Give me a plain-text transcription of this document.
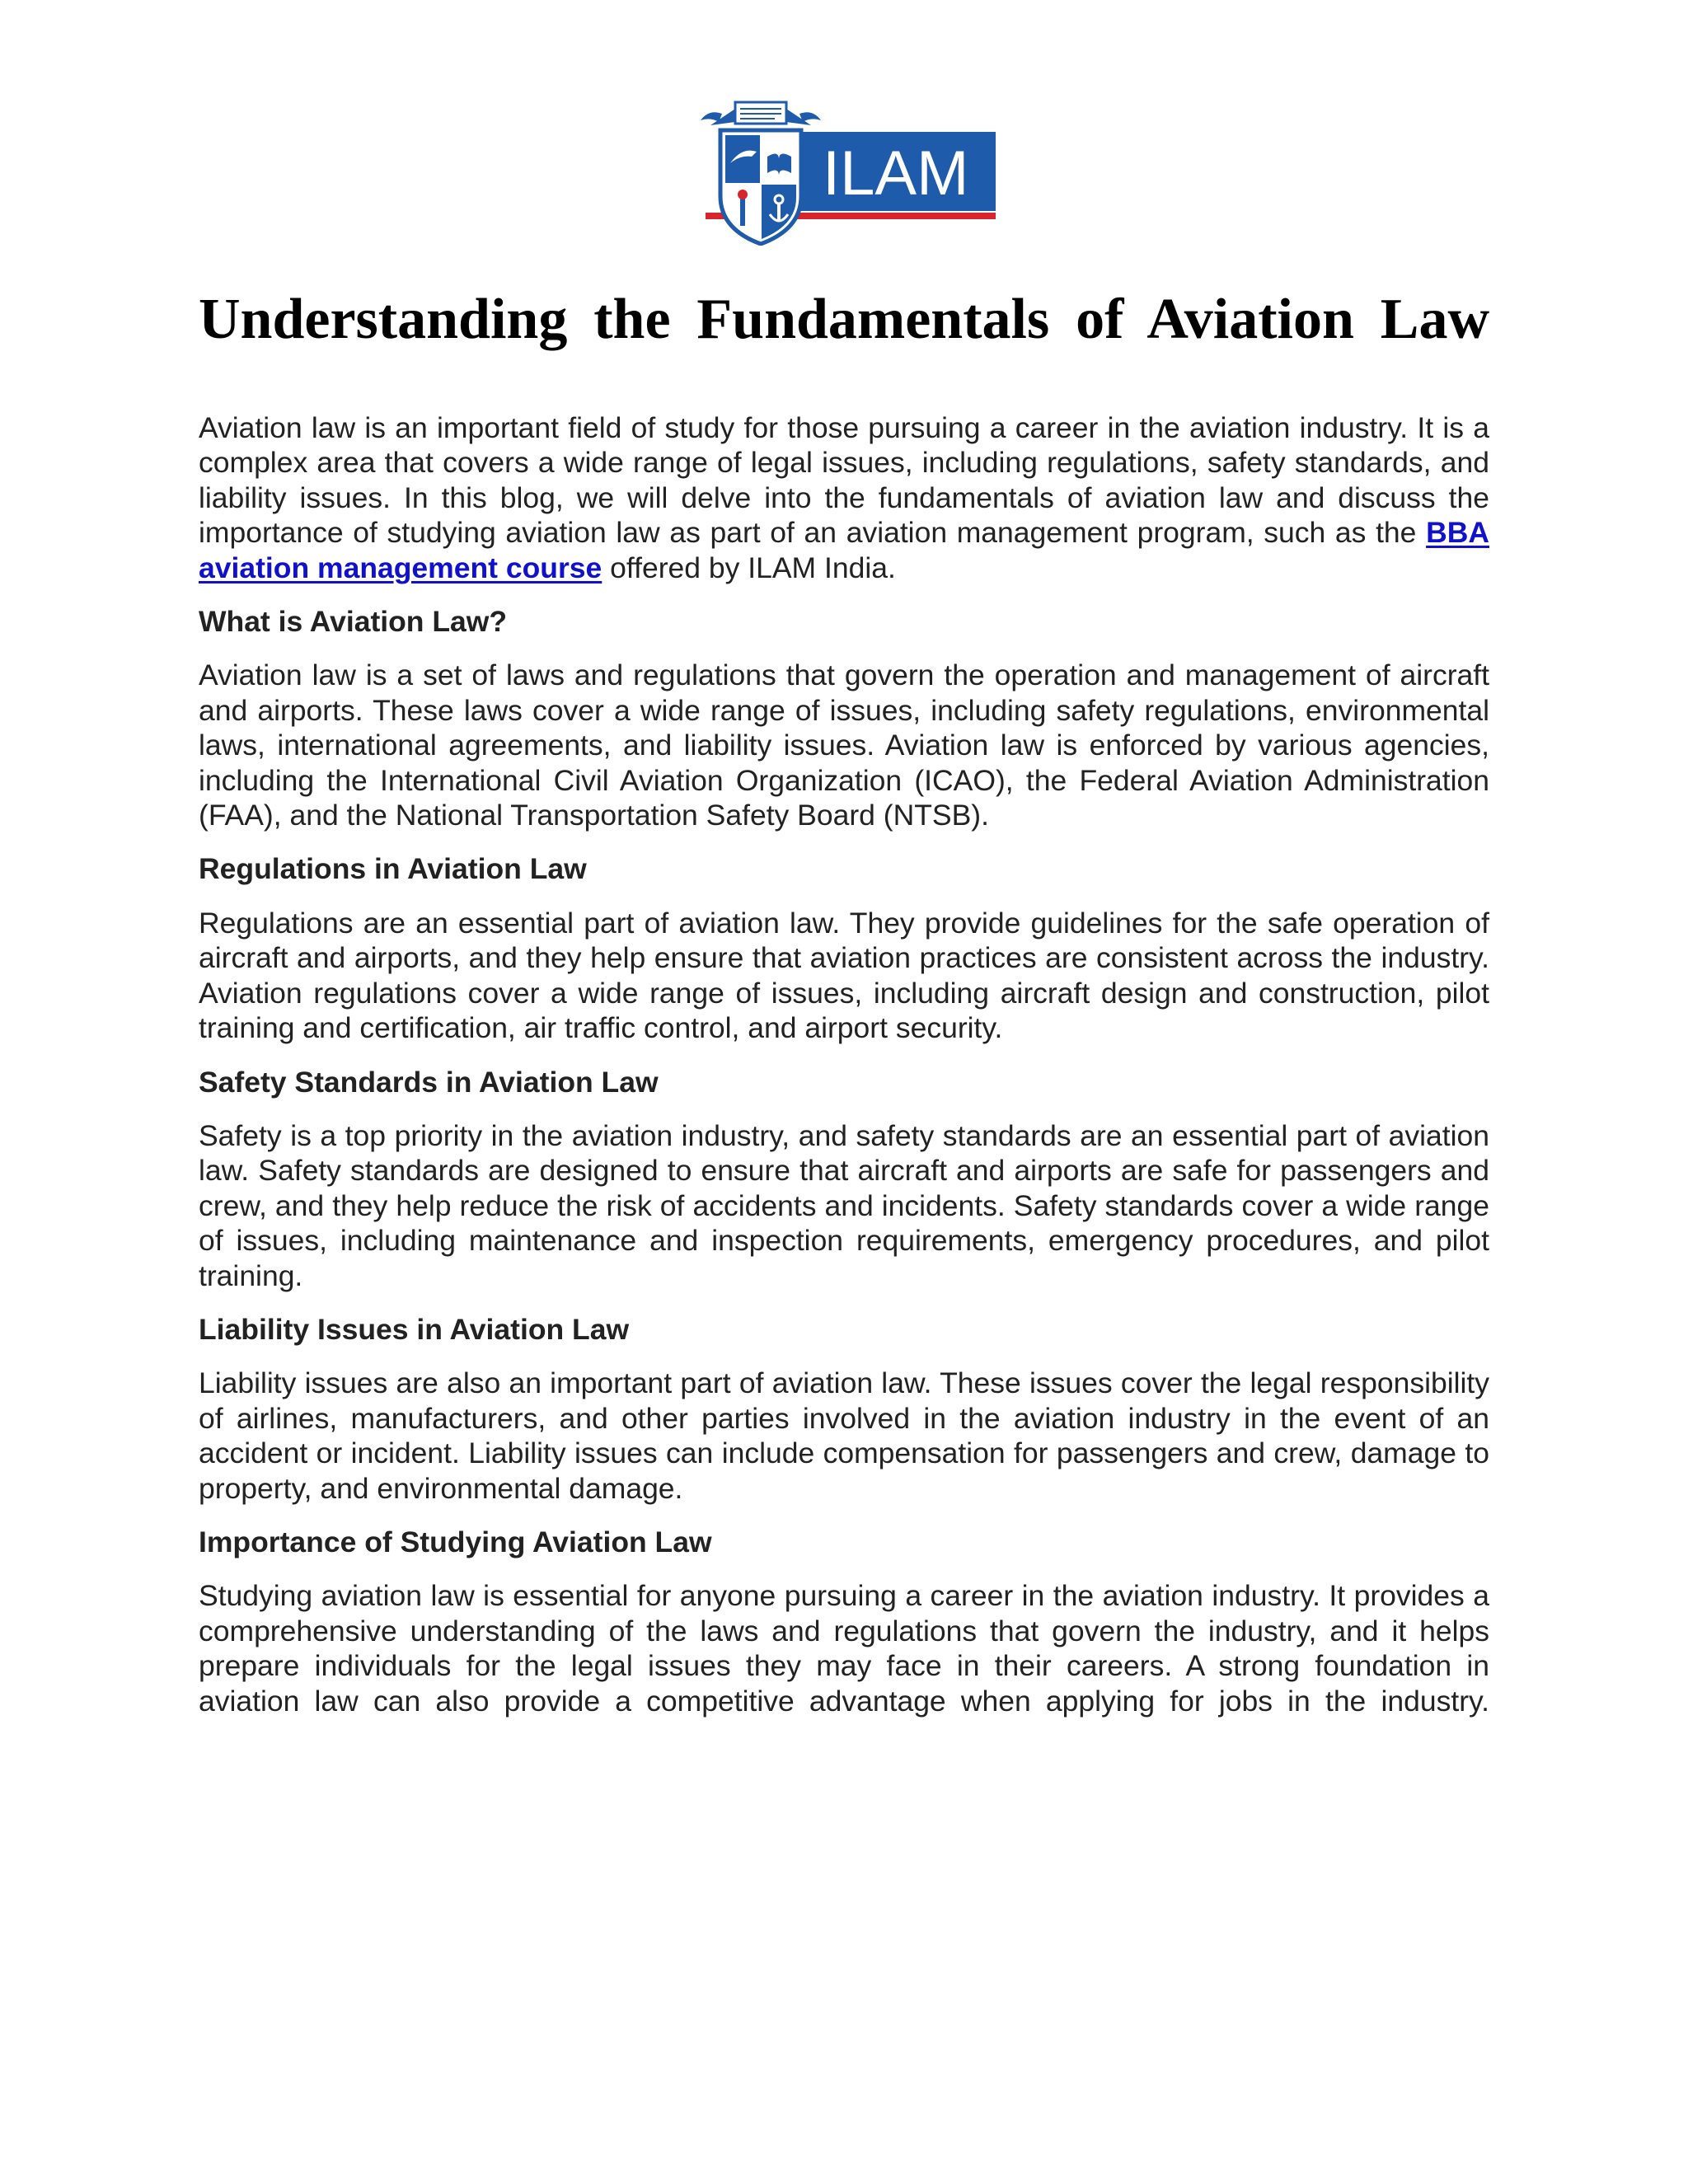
ILAM
Understanding the Fundamentals of Aviation Law

Aviation law is an important field of study for those pursuing a career in the aviation industry. It is a complex area that covers a wide range of legal issues, including regulations, safety standards, and liability issues. In this blog, we will delve into the fundamentals of aviation law and discuss the importance of studying aviation law as part of an aviation management program, such as the BBA aviation management course offered by ILAM India.

What is Aviation Law?

Aviation law is a set of laws and regulations that govern the operation and management of aircraft and airports. These laws cover a wide range of issues, including safety regulations, environmental laws, international agreements, and liability issues. Aviation law is enforced by various agencies, including the International Civil Aviation Organization (ICAO), the Federal Aviation Administration (FAA), and the National Transportation Safety Board (NTSB).

Regulations in Aviation Law

Regulations are an essential part of aviation law. They provide guidelines for the safe operation of aircraft and airports, and they help ensure that aviation practices are consistent across the industry. Aviation regulations cover a wide range of issues, including aircraft design and construction, pilot training and certification, air traffic control, and airport security.

Safety Standards in Aviation Law

Safety is a top priority in the aviation industry, and safety standards are an essential part of aviation law. Safety standards are designed to ensure that aircraft and airports are safe for passengers and crew, and they help reduce the risk of accidents and incidents. Safety standards cover a wide range of issues, including maintenance and inspection requirements, emergency procedures, and pilot training.

Liability Issues in Aviation Law

Liability issues are also an important part of aviation law. These issues cover the legal responsibility of airlines, manufacturers, and other parties involved in the aviation industry in the event of an accident or incident. Liability issues can include compensation for passengers and crew, damage to property, and environmental damage.

Importance of Studying Aviation Law

Studying aviation law is essential for anyone pursuing a career in the aviation industry. It provides a comprehensive understanding of the laws and regulations that govern the industry, and it helps prepare individuals for the legal issues they may face in their careers. A strong foundation in aviation law can also provide a competitive advantage when applying for jobs in the industry.
